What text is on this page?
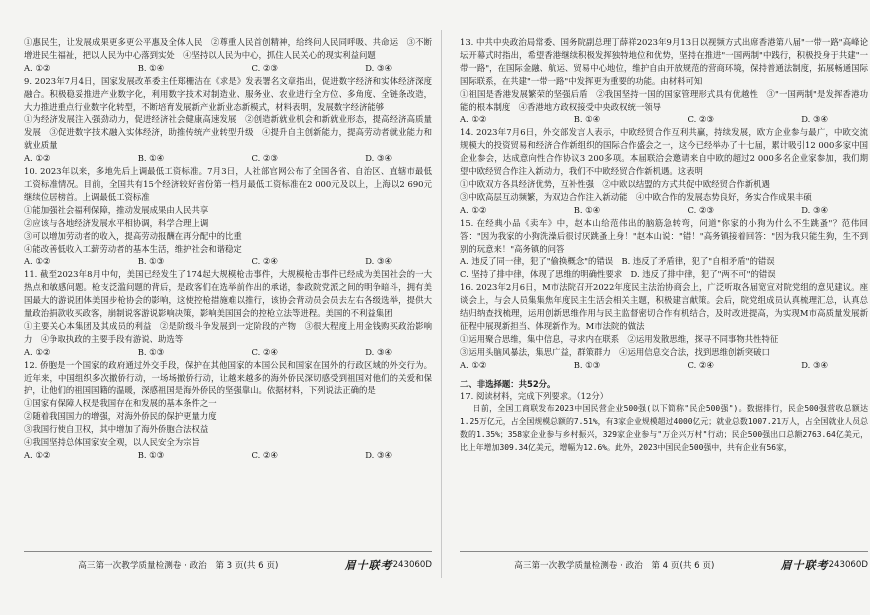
①惠民生，让发展成果更多更公平惠及全体人民　②尊重人民首创精神，给终问人民同呼吸、共命运　③不断增进民生福祉，把以人民为中心落到实处　④坚持以人民为中心，抓住人民关心的现实利益问题

A. ①②	B. ①④	C. ②③	D. ③④

9. 2023年7月4日，国家发展改革委主任郑栅洁在《求是》发表署名文章指出，促进数字经济和实体经济深度融合。积极稳妥推进产业数字化，利用数字技术对制造业、服务业、农业进行全方位、多角度、全链条改造，大力推进重点行业数字化转型，不断培育发展新产业新业态新模式，材料表明，发展数字经济能够

①为经济发展注入强劲动力，促进经济社会健康高速发展　②创造新就业机会和新就业形态，提高经济高质量发展　③促进数字技术融入实体经济，助推传统产业转型升级　④提升自主创新能力，提高劳动者就业能力和就业质量

A. ①②	B. ①④	C. ②③	D. ③④

10. 2023年以来，多地先后上调最低工资标准。7月3日，人社部官网公布了全国各省、自治区、直辖市最低工资标准情况。目前，全国共有15个经济较好省份第一档月最低工资标准在2 000元及以上，上海以2 690元继续位居榜首。上调最低工资标准

①能加强社会福利保障，推动发展成果由人民共享

②应该与各地经济发展水平相协调，科学合理上调

③可以增加劳动者的收入，提高劳动报酬在再分配中的比重

④能改善低收入工薪劳动者的基本生活，维护社会和谐稳定

A. ①②	B. ①③	C. ②④	D. ③④

11. 截至2023年8月中旬，美国已经发生了174起大规模枪击事件，大规模枪击事件已经成为美国社会的一大热点和敏感问题。枪支泛滥问题的背后，是政客们在选举前作出的承诺，参政院党派之间的明争暗斗，拥有美国最大的游说团体美国步枪协会的影响，这使控枪措施难以推行，该协会背动员会员去左右各级选举，提供大量政治捐款收买政客，崩制说客游说影响决策，影响美国国会的控枪立法等进程。美国的不利益集团

①主要关心本集团及其成员的利益　②是阶级斗争发展到一定阶段的产物　③很大程度上用金钱购买政治影响力　④争取执政的主要手段有游说、助选等

A. ①②	B. ①③	C. ②④	D. ③④

12. 侨胞是一个国家的政府通过外交手段，保护在其他国家的本国公民和国家在国外的行政区域的外交行为。近年来，中国组织多次撤侨行动，一场场撤侨行动，让越来越多的海外侨民深切感受到祖国对他们的关爱和保护，让他们的祖国国籍的温暖，深感祖国是海外侨民的坚强靠山。依据材料，下列说法正确的是

①国家有保障人权是我国存在和发展的基本条件之一

②随着我国国力的增强，对海外侨民的保护更量力度

③我国行使自卫权，其中增加了海外侨胞合法权益

④我国坚持总体国家安全观，以人民安全为宗旨

A. ①②	B. ①③	C. ②④	D. ③④
高三第一次教学质量检测卷 · 政治　第 3 页(共 6 页)	眉十联考 243060D

13. 中共中央政治局常委、国务院副总理丁薛祥2023年9月13日以视频方式出席香港第八届"一带一路"高峰论坛开幕式时指出，希望香港继续积极发挥独特地位和优势，坚持在推进"一国两制"中践行，积极投身于共建"一带一路"，在国际金融、航运、贸易中心地位，维护自由开放规范的营商环境，保持普通法制度，拓展畅通国际国际联系，在共建"一带一路"中发挥更为重要的功能。由材料可知

①祖国是香港发展繁荣的坚强后盾　②我国坚持一国的国家管理形式具有优越性　③"一国两制"是发挥香港功能的根本制度　④香港地方政权接受中央政权统一领导

A. ①②	B. ①④	C. ②③	D. ③④

14. 2023年7月6日，外交部发言人表示，中欧经贸合作互利共赢，持续发展，欧方企业参与最广，中欧交流规模大的投资贸易和经济合作新组织的国际合作盛会之一，这今已经举办了十七届，累计吸引12 000多家中国企业参会，达成意向性合作协议3 200多项。本届联洽会邀请来自中欧的超过2 000多名企业家参加，我们期望中欧经贸合作注入新动力，我们不中欧经贸合作新机遇。这表明

①中欧双方各具经济优势，互补性强　②中欧以结盟的方式共促中欧经贸合作新机遇

③中欧高层互动频繁，为双边合作注入新动能　④中欧合作的发展态势良好，务实合作成果丰硕

A. ①②	B. ①④	C. ②③	D. ③④

15. 在经典小品《卖车》中，赵本山给范伟出的脑筋急转弯，问道"你家的小狗为什么不生跳蚤"？范伟回答："因为我家的小狗洗澡后很讨厌跳蚤上身！"赵本山说："错！"高务镇接着回答："因为我只能生狗，生不到别的玩意来！"高务镇的问答

A. 违反了同一律，犯了"偷换概念"的错误　B. 违反了矛盾律，犯了"自相矛盾"的错误

C. 坚持了排中律，体现了思维的明确性要求　D. 违反了排中律，犯了"两不可"的错误

16. 2023年2月6日，M市法院召开2022年度民主法治协商会上，广泛听取各届宽宣对院党组的意见建议。座谈会上，与会人员集集焦年度民主生活会相关主题，积极建言献策。会后，院党组成员认真梳理汇总，认真总结归纳查找梳理，运用创新思维作用与民主监督密切合作有机结合，及时改进提高，为实现M市高质量发展新征程中展现新担当、体现新作为。M市法院的做法

①运用聚合思维，集中信息，寻求内在联系　②运用发散思维，探寻不同事物共性特征

③运用头脑风暴法，集思广益，群策群力　④运用信息交合法，找到思维创新突破口

A. ①②	B. ①③	C. ②④	D. ③④

二、非选择题：共52分。

17. 阅读材料，完成下列要求。（12分）

日前，全国工商联发布2023中国民营企业500强(以下简称"民企500强")。数据排行，民企500强营收总额达1.25万亿元，占全国规模总额的7.51%，有3家企业规模超过4000亿元；就业总数1007.21万人，占全国就业人员总数的1.35%；358家企业参与乡村振兴，329家企业参与"万企兴万村"行动；民企500强出口总额2763.64亿美元，比上年增加309.34亿美元，增幅为12.6%。此外，2023中国民企500强中，共有企业有56家，

高三第一次教学质量检测卷 · 政治　第 4 页(共 6 页)	眉十联考 243060D
